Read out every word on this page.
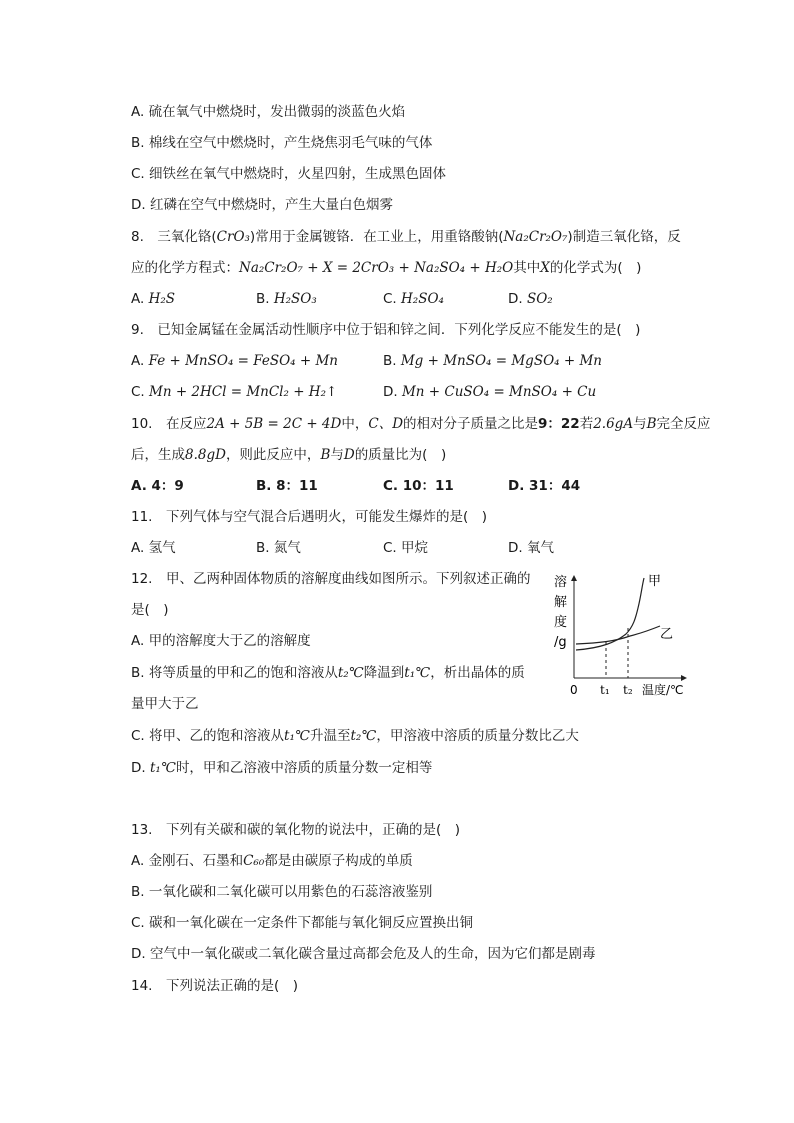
A. 硫在氧气中燃烧时，发出微弱的淡蓝色火焰
B. 棉线在空气中燃烧时，产生烧焦羽毛气味的气体
C. 细铁丝在氧气中燃烧时，火星四射，生成黑色固体
D. 红磷在空气中燃烧时，产生大量白色烟雾
8.　三氧化铬(CrO₃)常用于金属镀铬．在工业上，用重铬酸钠(Na₂Cr₂O₇)制造三氧化铬，反
应的化学方程式：Na₂Cr₂O₇ + X = 2CrO₃ + Na₂SO₄ + H₂O其中X的化学式为(　)
A. H₂S	B. H₂SO₃	C. H₂SO₄	D. SO₂
9.　已知金属锰在金属活动性顺序中位于铝和锌之间．下列化学反应不能发生的是(　)
A. Fe + MnSO₄ = FeSO₄ + Mn	B. Mg + MnSO₄ = MgSO₄ + Mn
C. Mn + 2HCl = MnCl₂ + H₂↑	D. Mn + CuSO₄ = MnSO₄ + Cu
10.　在反应2A + 5B = 2C + 4D中，C、D的相对分子质量之比是9：22若2.6gA与B完全反应
后，生成8.8gD，则此反应中，B与D的质量比为(　)
A. 4：9	B. 8：11	C. 10：11	D. 31：44
11.　下列气体与空气混合后遇明火，可能发生爆炸的是(　)
A. 氢气	B. 氮气	C. 甲烷	D. 氧气
12.　甲、乙两种固体物质的溶解度曲线如图所示。下列叙述正确的
是(　)
A. 甲的溶解度大于乙的溶解度
B. 将等质量的甲和乙的饱和溶液从t₂℃降温到t₁℃，析出晶体的质
量甲大于乙
C. 将甲、乙的饱和溶液从t₁℃升温至t₂℃，甲溶液中溶质的质量分数比乙大
D. t₁℃时，甲和乙溶液中溶质的质量分数一定相等
溶
解
度
/g
甲
乙
0 t₁ t₂ 温度/℃
13.　下列有关碳和碳的氧化物的说法中，正确的是(　)
A. 金刚石、石墨和C₆₀都是由碳原子构成的单质
B. 一氧化碳和二氧化碳可以用紫色的石蕊溶液鉴别
C. 碳和一氧化碳在一定条件下都能与氧化铜反应置换出铜
D. 空气中一氧化碳或二氧化碳含量过高都会危及人的生命，因为它们都是剧毒
14.　下列说法正确的是(　)
